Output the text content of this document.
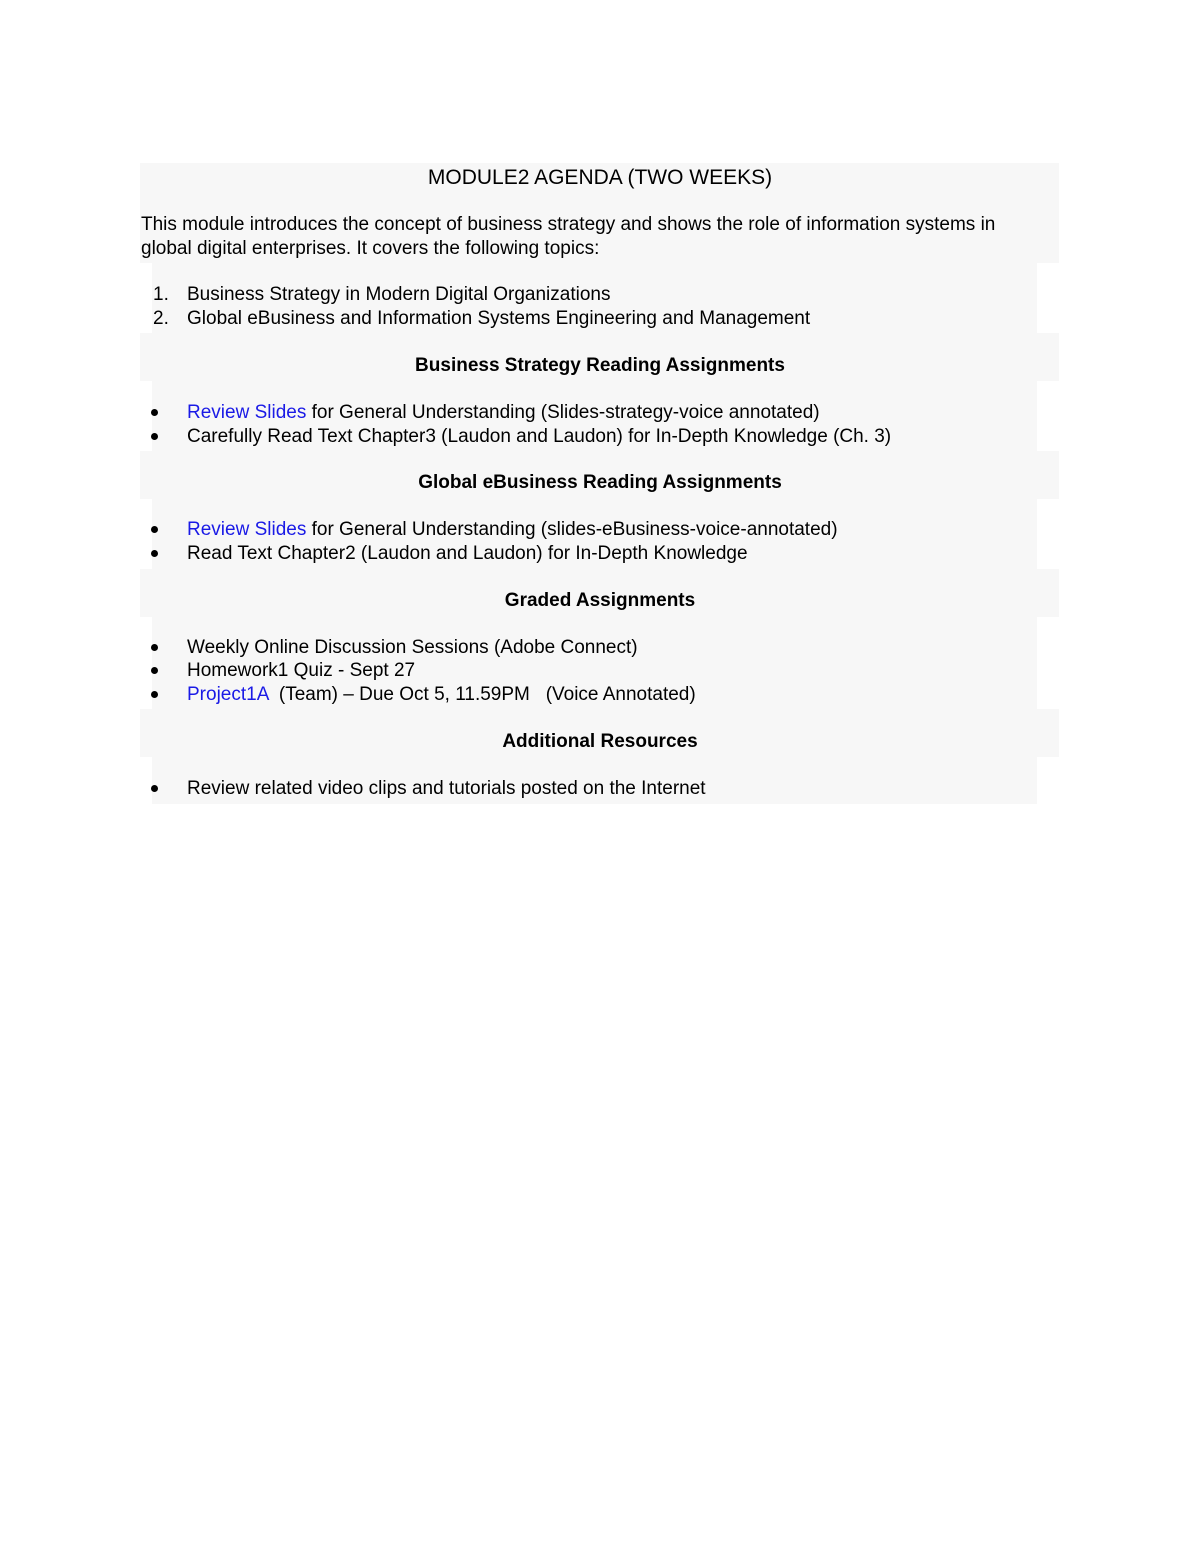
MODULE2 AGENDA (TWO WEEKS)

This module introduces the concept of business strategy and shows the role of information systems in global digital enterprises. It covers the following topics:

1. Business Strategy in Modern Digital Organizations
2. Global eBusiness and Information Systems Engineering and Management
Business Strategy Reading Assignments
Review Slides for General Understanding (Slides-strategy-voice annotated)
Carefully Read Text Chapter3 (Laudon and Laudon) for In-Depth Knowledge (Ch. 3)
Global eBusiness Reading Assignments
Review Slides for General Understanding (slides-eBusiness-voice-annotated)
Read Text Chapter2 (Laudon and Laudon) for In-Depth Knowledge
Graded Assignments
Weekly Online Discussion Sessions (Adobe Connect)
Homework1 Quiz - Sept 27
Project1A  (Team) – Due Oct 5, 11.59PM   (Voice Annotated)
Additional Resources
Review related video clips and tutorials posted on the Internet
